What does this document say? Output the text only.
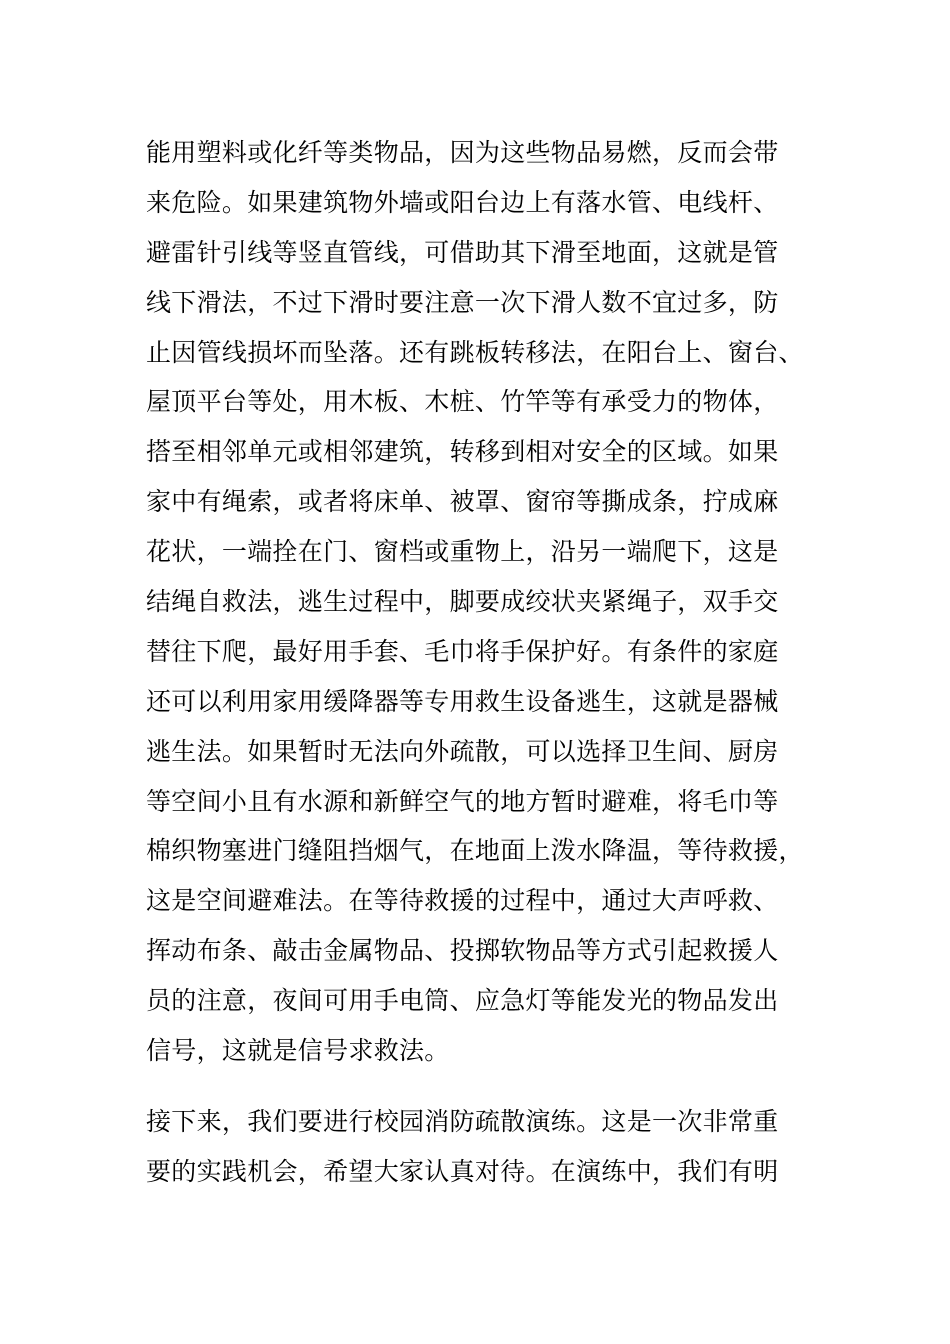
能用塑料或化纤等类物品，因为这些物品易燃，反而会带
来危险。如果建筑物外墙或阳台边上有落水管、电线杆、
避雷针引线等竖直管线，可借助其下滑至地面，这就是管
线下滑法，不过下滑时要注意一次下滑人数不宜过多，防
止因管线损坏而坠落。还有跳板转移法，在阳台上、窗台、
屋顶平台等处，用木板、木桩、竹竿等有承受力的物体，
搭至相邻单元或相邻建筑，转移到相对安全的区域。如果
家中有绳索，或者将床单、被罩、窗帘等撕成条，拧成麻
花状，一端拴在门、窗档或重物上，沿另一端爬下，这是
结绳自救法，逃生过程中，脚要成绞状夹紧绳子，双手交
替往下爬，最好用手套、毛巾将手保护好。有条件的家庭
还可以利用家用缓降器等专用救生设备逃生，这就是器械
逃生法。如果暂时无法向外疏散，可以选择卫生间、厨房
等空间小且有水源和新鲜空气的地方暂时避难，将毛巾等
棉织物塞进门缝阻挡烟气，在地面上泼水降温，等待救援，
这是空间避难法。在等待救援的过程中，通过大声呼救、
挥动布条、敲击金属物品、投掷软物品等方式引起救援人
员的注意，夜间可用手电筒、应急灯等能发光的物品发出
信号，这就是信号求救法。
接下来，我们要进行校园消防疏散演练。这是一次非常重
要的实践机会，希望大家认真对待。在演练中，我们有明
